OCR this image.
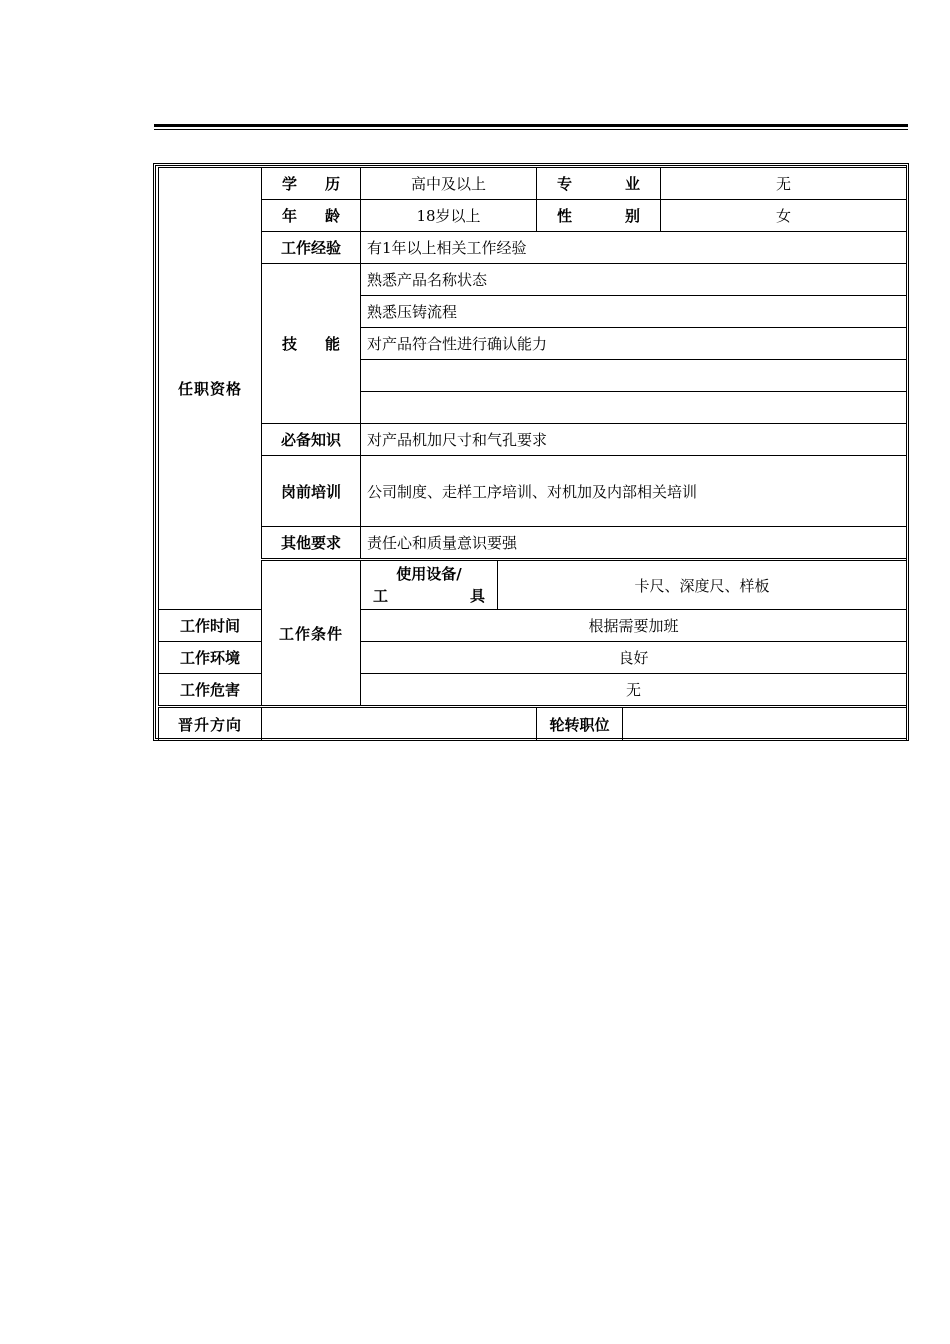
任职资格	学 历	高中及以上		专 业		无

	年 龄	18岁以上		性 别		女
	工作经验	有1年以上相关工作经验				

	技 能	熟悉产品名称状态				
		熟悉压铸流程				
		对产品符合性进行确认能力				

	必备知识	对产品机加尺寸和气孔要求				
	岗前培训	公司制度、走样工序培训、对机加及内部相关培训				
	其他要求	责任心和质量意识要强				
	工作条件	使用设备/
工 具	卡尺、深度尺、样板			
工作时间		根据需要加班				
工作环境		良好				
工作危害		无				
晋升方向				轮转职位		
